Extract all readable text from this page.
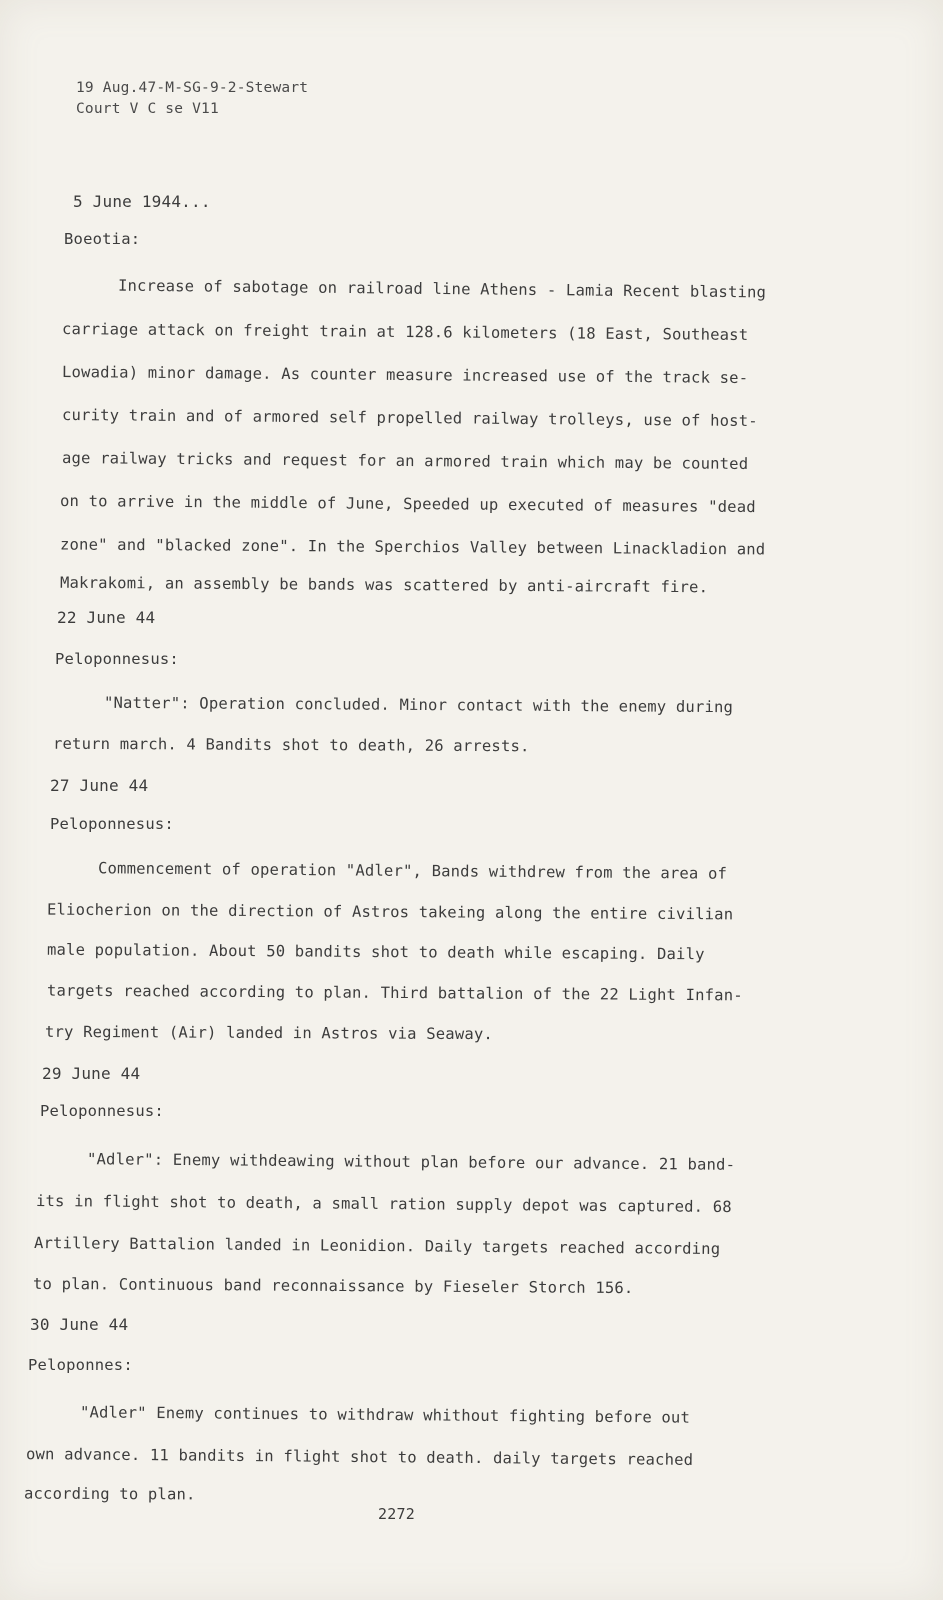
19 Aug.47-M-SG-9-2-Stewart
Court V C se V11
5 June 1944...
Boeotia:
Increase of sabotage on railroad line Athens - Lamia Recent blasting
carriage attack on freight train at 128.6 kilometers (18 East, Southeast
Lowadia) minor damage. As counter measure increased use of the track se-
curity train and of armored self propelled railway trolleys, use of host-
age railway tricks and request for an armored train which may be counted
on to arrive in the middle of June, Speeded up executed of measures "dead
zone" and "blacked zone". In the Sperchios Valley between Linackladion and
Makrakomi, an assembly be bands was scattered by anti-aircraft fire.
22 June 44
Peloponnesus:
"Natter": Operation concluded. Minor contact with the enemy during
return march. 4 Bandits shot to death, 26 arrests.
27 June 44
Peloponnesus:
Commencement of operation "Adler", Bands withdrew from the area of
Eliocherion on the direction of Astros takeing along the entire civilian
male population. About 50 bandits shot to death while escaping. Daily
targets reached according to plan. Third battalion of the 22 Light Infan-
try Regiment (Air) landed in Astros via Seaway.
29 June 44
Peloponnesus:
"Adler": Enemy withdeawing without plan before our advance. 21 band-
its in flight shot to death, a small ration supply depot was captured. 68
Artillery Battalion landed in Leonidion. Daily targets reached according
to plan. Continuous band reconnaissance by Fieseler Storch 156.
30 June 44
Peloponnes:
"Adler" Enemy continues to withdraw whithout fighting before out
own advance. 11 bandits in flight shot to death. daily targets reached
according to plan.
2272
